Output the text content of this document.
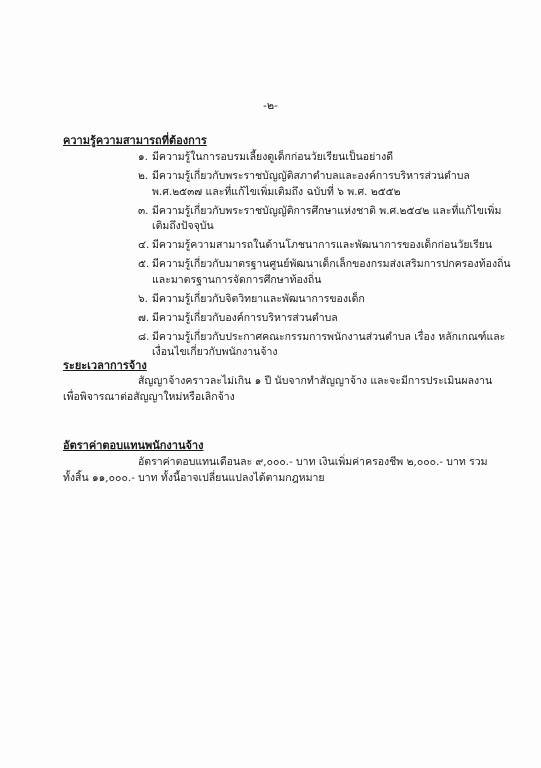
-๒-
ความรู้ความสามารถที่ต้องการ
๑. มีความรู้ในการอบรมเลี้ยงดูเด็กก่อนวัยเรียนเป็นอย่างดี
๒. มีความรู้เกี่ยวกับพระราชบัญญัติสภาตำบลและองค์การบริหารส่วนตำบล พ.ศ.๒๕๓๗ และที่แก้ไขเพิ่มเติมถึง ฉบับที่ ๖ พ.ศ. ๒๕๕๒
๓. มีความรู้เกี่ยวกับพระราชบัญญัติการศึกษาแห่งชาติ พ.ศ.๒๕๔๒ และที่แก้ไขเพิ่มเติมถึงปัจจุบัน
๔. มีความรู้ความสามารถในด้านโภชนาการและพัฒนาการของเด็กก่อนวัยเรียน
๕. มีความรู้เกี่ยวกับมาตรฐานศูนย์พัฒนาเด็กเล็กของกรมส่งเสริมการปกครองท้องถิ่น และมาตรฐานการจัดการศึกษาท้องถิ่น
๖. มีความรู้เกี่ยวกับจิตวิทยาและพัฒนาการของเด็ก
๗. มีความรู้เกี่ยวกับองค์การบริหารส่วนตำบล
๘. มีความรู้เกี่ยวกับประกาศคณะกรรมการพนักงานส่วนตำบล เรื่อง หลักเกณฑ์และเงื่อนไขเกี่ยวกับพนักงานจ้าง
ระยะเวลาการจ้าง
สัญญาจ้างคราวละไม่เกิน ๑ ปี นับจากทำสัญญาจ้าง และจะมีการประเมินผลงานเพื่อพิจารณาต่อสัญญาใหม่หรือเลิกจ้าง
อัตราค่าตอบแทนพนักงานจ้าง
อัตราค่าตอบแทนเดือนละ ๙,๐๐๐.- บาท เงินเพิ่มค่าครองชีพ ๒,๐๐๐.- บาท รวมทั้งสิ้น ๑๑,๐๐๐.- บาท ทั้งนี้อาจเปลี่ยนแปลงได้ตามกฎหมาย
